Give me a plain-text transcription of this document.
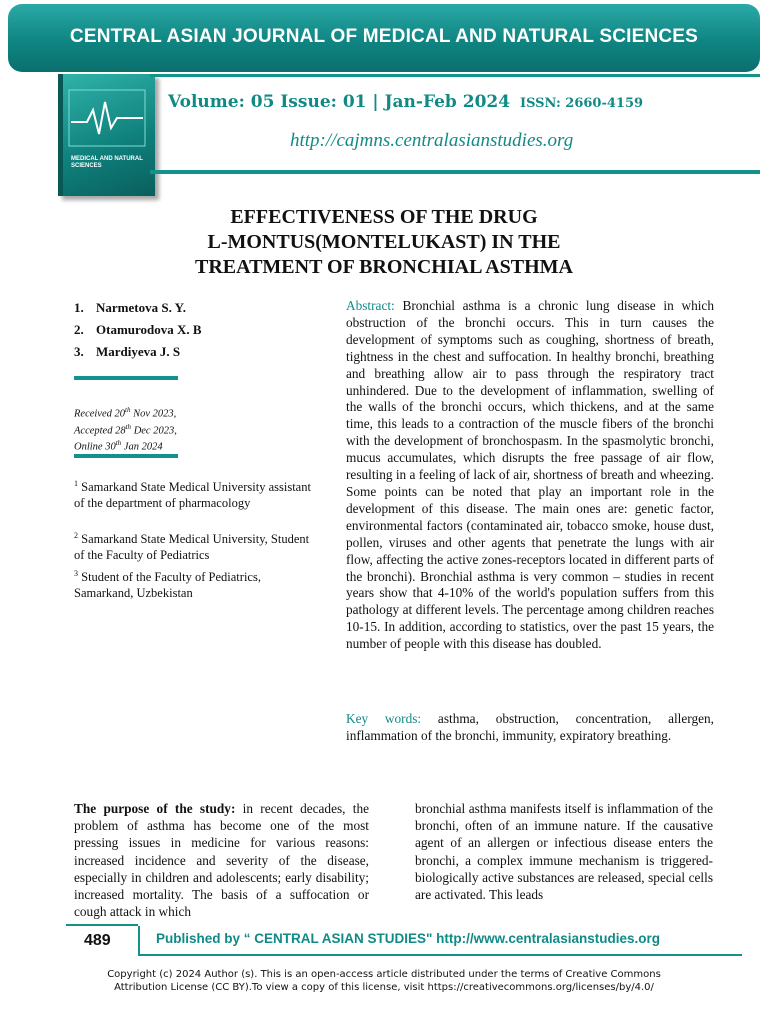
CENTRAL ASIAN JOURNAL OF MEDICAL AND NATURAL SCIENCES
MEDICAL AND NATURAL SCIENCES
Volume: 05 Issue: 01 | Jan-Feb 2024 ISSN: 2660-4159
http://cajmns.centralasianstudies.org
EFFECTIVENESS OF THE DRUG
L-MONTUS(MONTELUKAST) IN THE
TREATMENT OF BRONCHIAL ASTHMA
1. Narmetova S. Y.
2. Otamurodova X. B
3. Mardiyeva J. S
Received 20th Nov 2023,
Accepted 28th Dec 2023,
Online 30th Jan 2024
$^1$ Samarkand State Medical University assistant of the department of pharmacology
$^2$ Samarkand State Medical University, Student of the Faculty of Pediatrics
$^3$ Student of the Faculty of Pediatrics, Samarkand, Uzbekistan
Abstract: Bronchial asthma is a chronic lung disease in which obstruction of the bronchi occurs. This in turn causes the development of symptoms such as coughing, shortness of breath, tightness in the chest and suffocation. In healthy bronchi, breathing and breathing allow air to pass through the respiratory tract unhindered. Due to the development of inflammation, swelling of the walls of the bronchi occurs, which thickens, and at the same time, this leads to a contraction of the muscle fibers of the bronchi with the development of bronchospasm. In the spasmolytic bronchi, mucus accumulates, which disrupts the free passage of air flow, resulting in a feeling of lack of air, shortness of breath and wheezing. Some points can be noted that play an important role in the development of this disease. The main ones are: genetic factor, environmental factors (contaminated air, tobacco smoke, house dust, pollen, viruses and other agents that penetrate the lungs with air flow, affecting the active zones-receptors located in different parts of the bronchi). Bronchial asthma is very common – studies in recent years show that 4-10% of the world's population suffers from this pathology at different levels. The percentage among children reaches 10-15. In addition, according to statistics, over the past 15 years, the number of people with this disease has doubled.
Key words: asthma, obstruction, concentration, allergen, inflammation of the bronchi, immunity, expiratory breathing.
The purpose of the study: in recent decades, the problem of asthma has become one of the most pressing issues in medicine for various reasons: increased incidence and severity of the disease, especially in children and adolescents; early disability; increased mortality. The basis of a suffocation or cough attack in which
bronchial asthma manifests itself is inflammation of the bronchi, often of an immune nature. If the causative agent of an allergen or infectious disease enters the bronchi, a complex immune mechanism is triggered-biologically active substances are released, special cells are activated. This leads
489	Published by “ CENTRAL ASIAN STUDIES" http://www.centralasianstudies.org
Copyright (c) 2024 Author (s). This is an open-access article distributed under the terms of Creative Commons
Attribution License (CC BY).To view a copy of this license, visit https://creativecommons.org/licenses/by/4.0/
